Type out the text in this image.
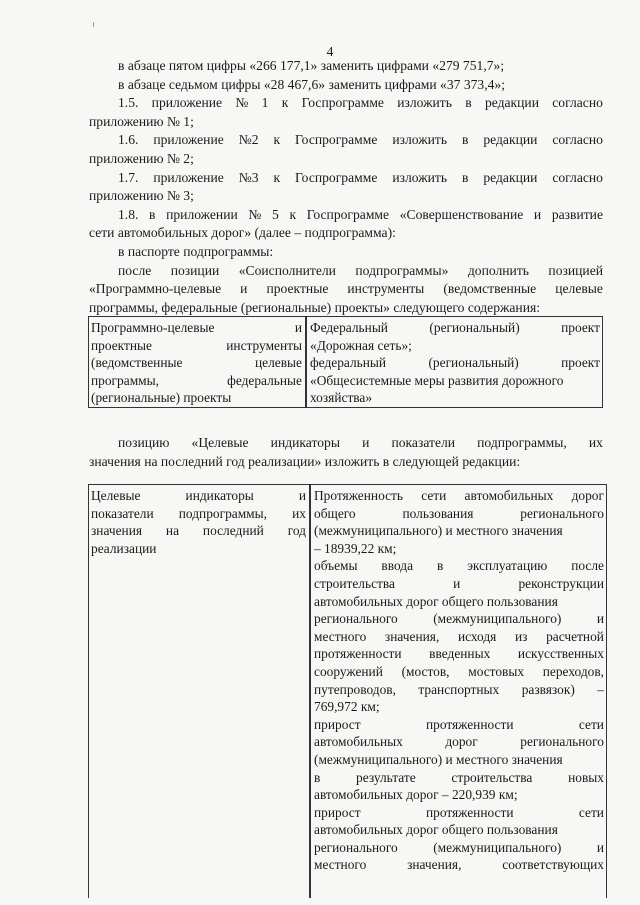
4
в абзаце пятом цифры «266 177,1» заменить цифрами «279 751,7»;
в абзаце седьмом цифры «28 467,6» заменить цифрами «37 373,4»;
1.5. приложение № 1 к Госпрограмме изложить в редакции согласно
приложению № 1;
1.6. приложение №2 к Госпрограмме изложить в редакции согласно
приложению № 2;
1.7. приложение №3 к Госпрограмме изложить в редакции согласно
приложению № 3;
1.8. в приложении № 5 к Госпрограмме «Совершенствование и развитие
сети автомобильных дорог» (далее – подпрограмма):
в паспорте подпрограммы:
после позиции «Соисполнители подпрограммы» дополнить позицией
«Программно-целевые и проектные инструменты (ведомственные целевые
программы, федеральные (региональные) проекты» следующего содержания:
Программно-целевые	и
проектные	инструменты
(ведомственные	целевые
программы,	федеральные
(региональные) проекты

Федеральный	(региональный)	проект
«Дорожная сеть»;
федеральный	(региональный)	проект
«Общесистемные меры развития дорожного
хозяйства»
позицию «Целевые индикаторы и показатели подпрограммы, их
значения на последний год реализации» изложить в следующей редакции:
Целевые	индикаторы	и
показатели подпрограммы, их
значения на последний год
реализации

Протяженность сети автомобильных дорог
общего	пользования	регионального
(межмуниципального) и местного значения
– 18939,22 км;
объемы ввода в эксплуатацию после
строительства	и	реконструкции
автомобильных дорог общего пользования
регионального	(межмуниципального)	и
местного значения, исходя из расчетной
протяженности введенных искусственных
сооружений (мостов, мостовых переходов,
путепроводов, транспортных развязок) –
769,972 км;
прирост	протяженности	сети
автомобильных	дорог	регионального
(межмуниципального) и местного значения
в	результате	строительства	новых
автомобильных дорог – 220,939 км;
прирост	протяженности	сети
автомобильных дорог общего пользования
регионального	(межмуниципального)	и
местного	значения,	соответствующих
